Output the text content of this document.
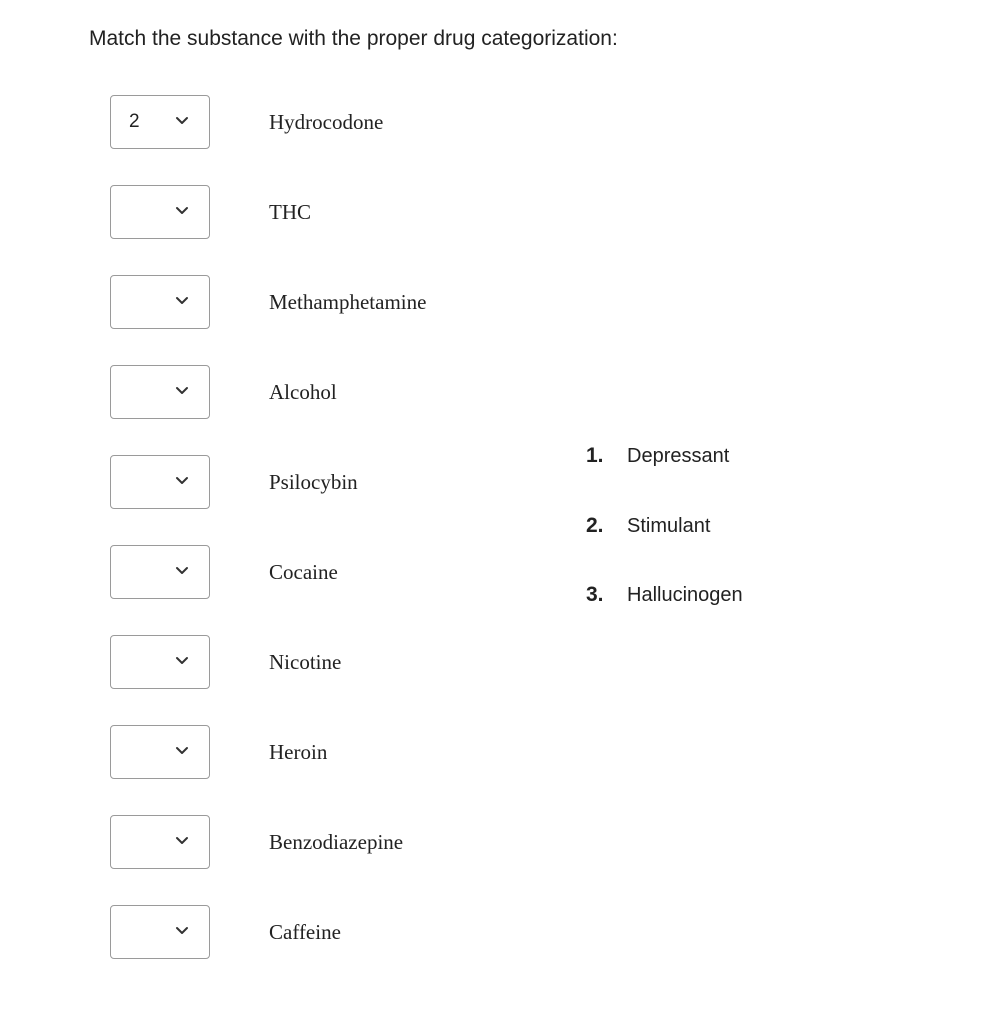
Match the substance with the proper drug categorization:
2	Hydrocodone
THC
Methamphetamine
Alcohol
Psilocybin
Cocaine
Nicotine
Heroin
Benzodiazepine
Caffeine
1. Depressant
2. Stimulant
3. Hallucinogen
